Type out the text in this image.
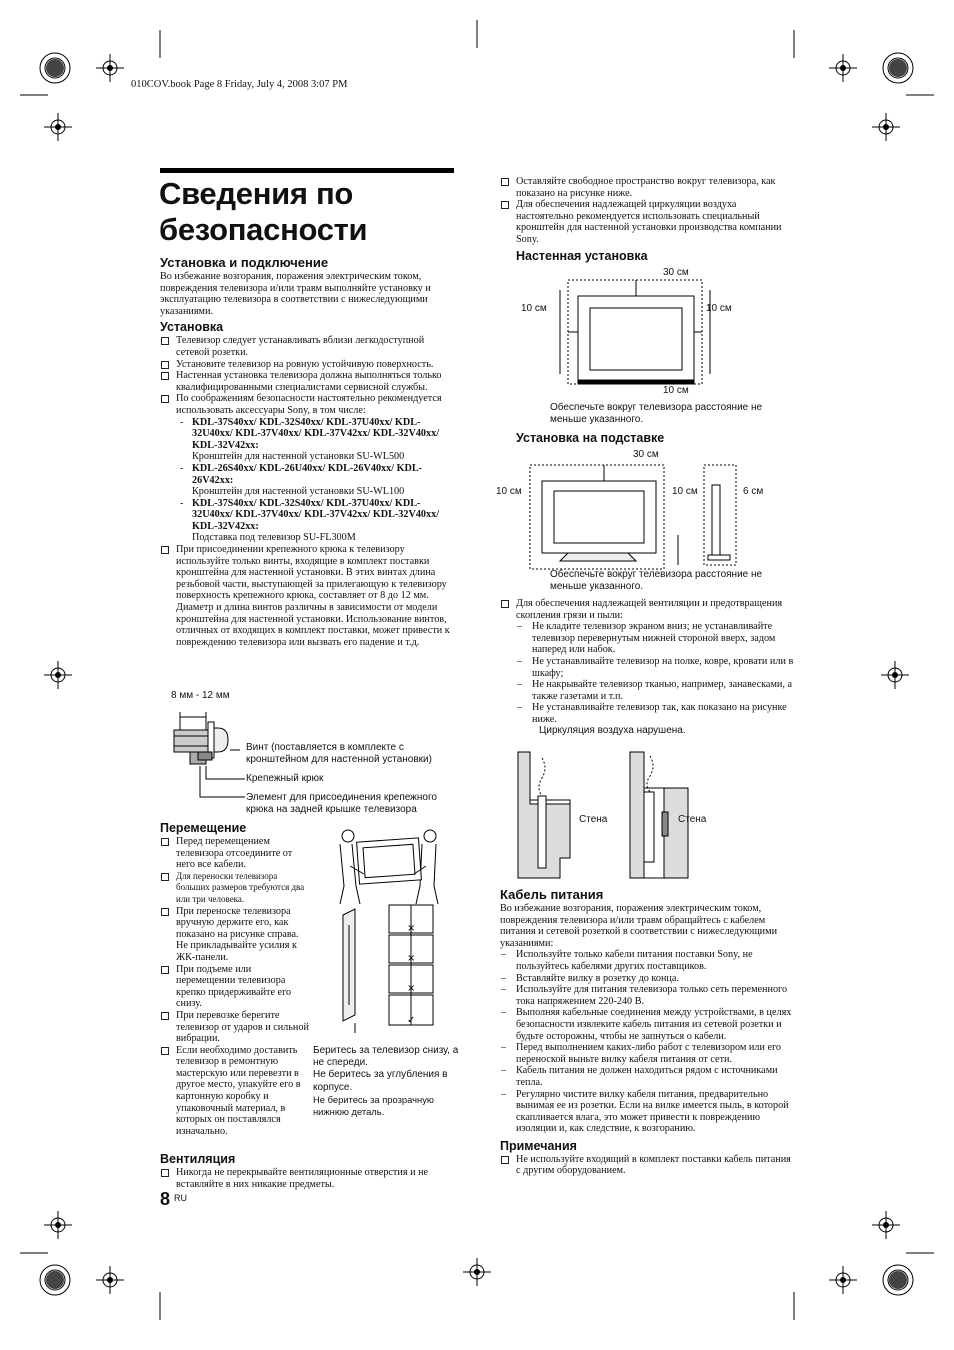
010COV.book Page 8 Friday, July 4, 2008 3:07 PM
Сведения по безопасности
Установка и подключение

Во избежание возгорания, поражения электрическим током, повреждения телевизора и/или травм выполняйте установку и эксплуатацию телевизора в соответствии с нижеследующими указаниями.

Установка
Телевизор следует устанавливать вблизи легкодоступной сетевой розетки.
Установите телевизор на ровную устойчивую поверхность.
Настенная установка телевизора должна выполняться только квалифицированными специалистами сервисной службы.
По соображениям безопасности настоятельно рекомендуется использовать аксессуары Sony, в том числе:
- KDL-37S40xx/ KDL-32S40xx/ KDL-37U40xx/ KDL-32U40xx/ KDL-37V40xx/ KDL-37V42xx/ KDL-32V40xx/ KDL-32V42xx:
Кронштейн для настенной установки SU-WL500
- KDL-26S40xx/ KDL-26U40xx/ KDL-26V40xx/ KDL-26V42xx:
Кронштейн для настенной установки SU-WL100
- KDL-37S40xx/ KDL-32S40xx/ KDL-37U40xx/ KDL-32U40xx/ KDL-37V40xx/ KDL-37V42xx/ KDL-32V40xx/ KDL-32V42xx:
Подставка под телевизор SU-FL300M
При присоединении крепежного крюка к телевизору используйте только винты, входящие в комплект поставки кронштейна для настенной установки. В этих винтах длина резьбовой части, выступающей за прилегающую к телевизору поверхность крепежного крюка, составляет от 8 до 12 мм.
Диаметр и длина винтов различны в зависимости от модели кронштейна для настенной установки. Использование винтов, отличных от входящих в комплект поставки, может привести к повреждению телевизора или вызвать его падение и т.д.
8 мм - 12 мм
Винт (поставляется в комплекте с кронштейном для настенной установки)
Крепежный крюк
Элемент для присоединения крепежного крюка на задней крышке телевизора
Перемещение
Перед перемещением телевизора отсоедините от него все кабели.
Для переноски телевизора больших размеров требуются два или три человека.
При переноске телевизора вручную держите его, как показано на рисунке справа. Не прикладывайте усилия к ЖК-панели.
При подъеме или перемещении телевизора крепко придерживайте его снизу.
При перевозке берегите телевизор от ударов и сильной вибрации.
Если необходимо доставить телевизор в ремонтную мастерскую или перевезти в другое место, упакуйте его в картонную коробку и упаковочный материал, в которых он поставлялся изначально.
×
×
×
✓
Беритесь за телевизор снизу, а не спереди.
Не беритесь за углубления в корпусе.
Не беритесь за прозрачную нижнюю деталь.
Вентиляция
Никогда не перекрывайте вентиляционные отверстия и не вставляйте в них никакие предметы.
8 RU
Оставляйте свободное пространство вокруг телевизора, как показано на рисунке ниже.
Для обеспечения надлежащей циркуляции воздуха настоятельно рекомендуется использовать специальный кронштейн для настенной установки производства компании Sony.
Настенная установка
30 см
10 см	10 см
10 см
Обеспечьте вокруг телевизора расстояние не меньше указанного.
Установка на подставке
30 см
10 см	10 см	6 см
Обеспечьте вокруг телевизора расстояние не меньше указанного.
Для обеспечения надлежащей вентиляции и предотвращения скопления грязи и пыли:
– Не кладите телевизор экраном вниз; не устанавливайте телевизор перевернутым нижней стороной вверх, задом наперед или набок.
– Не устанавливайте телевизор на полке, ковре, кровати или в шкафу;
– Не накрывайте телевизор тканью, например, занавесками, а также газетами и т.п.
– Не устанавливайте телевизор так, как показано на рисунке ниже.
Циркуляция воздуха нарушена.
Стена	Стена
Кабель питания

Во избежание возгорания, поражения электрическим током, повреждения телевизора и/или травм обращайтесь с кабелем питания и сетевой розеткой в соответствии с нижеследующими указаниями:

– Используйте только кабели питания поставки Sony, не пользуйтесь кабелями других поставщиков.
– Вставляйте вилку в розетку до конца.
– Используйте для питания телевизора только сеть переменного тока напряжением 220-240 В.
– Выполняя кабельные соединения между устройствами, в целях безопасности извлеките кабель питания из сетевой розетки и будьте осторожны, чтобы не запнуться о кабели.
– Перед выполнением каких-либо работ с телевизором или его переноской выньте вилку кабеля питания от сети.
– Кабель питания не должен находиться рядом с источниками тепла.
– Регулярно чистите вилку кабеля питания, предварительно вынимая ее из розетки. Если на вилке имеется пыль, в которой скапливается влага, это может привести к повреждению изоляции и, как следствие, к возгоранию.
Примечания
Не используйте входящий в комплект поставки кабель питания с другим оборудованием.
